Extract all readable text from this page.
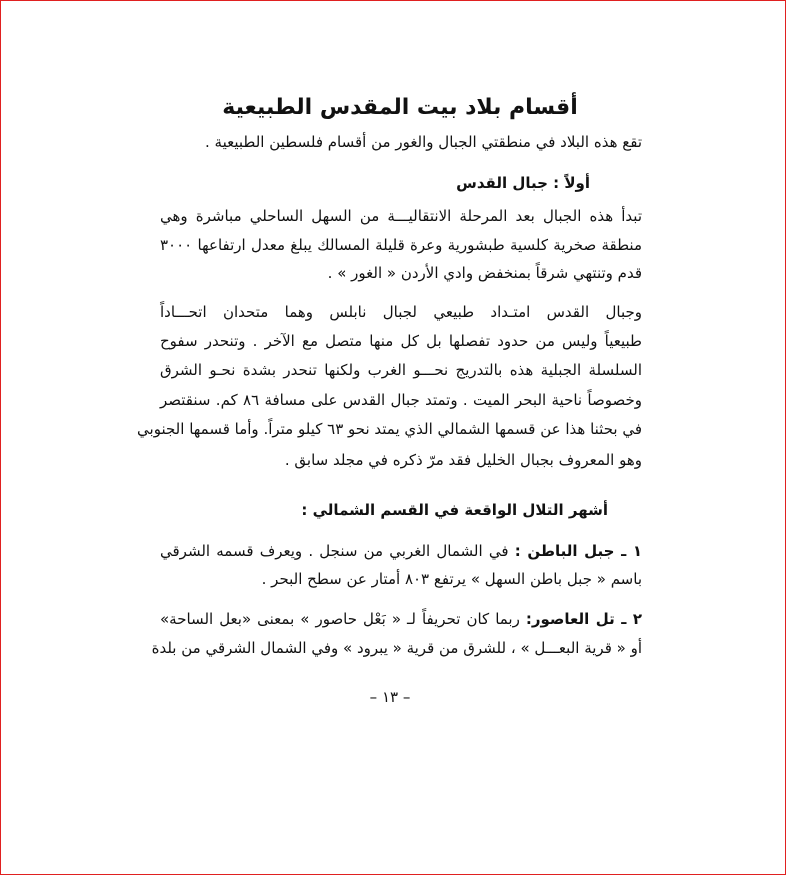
أقسام بلاد بيت المقدس الطبيعية
تقع هذه البلاد في منطقتي الجبال والغور من أقسام فلسطين الطبيعية .
أولاً : جبال القدس
تبدأ هذه الجبال بعد المرحلة الانتقاليـــة من السهل الساحلي مباشرة وهي
منطقة صخرية كلسية طبشورية وعرة قليلة المسالك يبلغ معدل ارتفاعها ٣٠٠٠
قدم وتنتهي شرقاً بمنخفض وادي الأردن « الغور » .
وجبال القدس امتـداد طبيعي لجبال نابلس وهما متحدان اتحـــاداً
طبيعياً وليس من حدود تفصلها بل كل منها متصل مع الآخر . وتنحدر سفوح
السلسلة الجبلية هذه بالتدريج نحـــو الغرب ولكنها تنحدر بشدة نحـو الشرق
وخصوصاً ناحية البحر الميت . وتمتد جبال القدس على مسافة ٨٦ كم. سنقتصر
في بحثنا هذا عن قسمها الشمالي الذي يمتد نحو ٦٣ كيلو متراً. وأما قسمها الجنوبي
وهو المعروف بجبال الخليل فقد مرّ ذكره في مجلد سابق .
أشهر التلال الواقعة في القسم الشمالي :
١ ـ جبل الباطن : في الشمال الغربي من سنجل . ويعرف قسمه الشرقي
باسم « جبل باطن السهل » يرتفع ٨٠٣ أمتار عن سطح البحر .
٢ ـ تل العاصور: ربما كان تحريفاً لـ « بَعْل حاصور » بمعنى «بعل الساحة»
أو « قرية البعـــل » ، للشرق من قرية « يبرود » وفي الشمال الشرقي من بلدة
– ١٣ –
